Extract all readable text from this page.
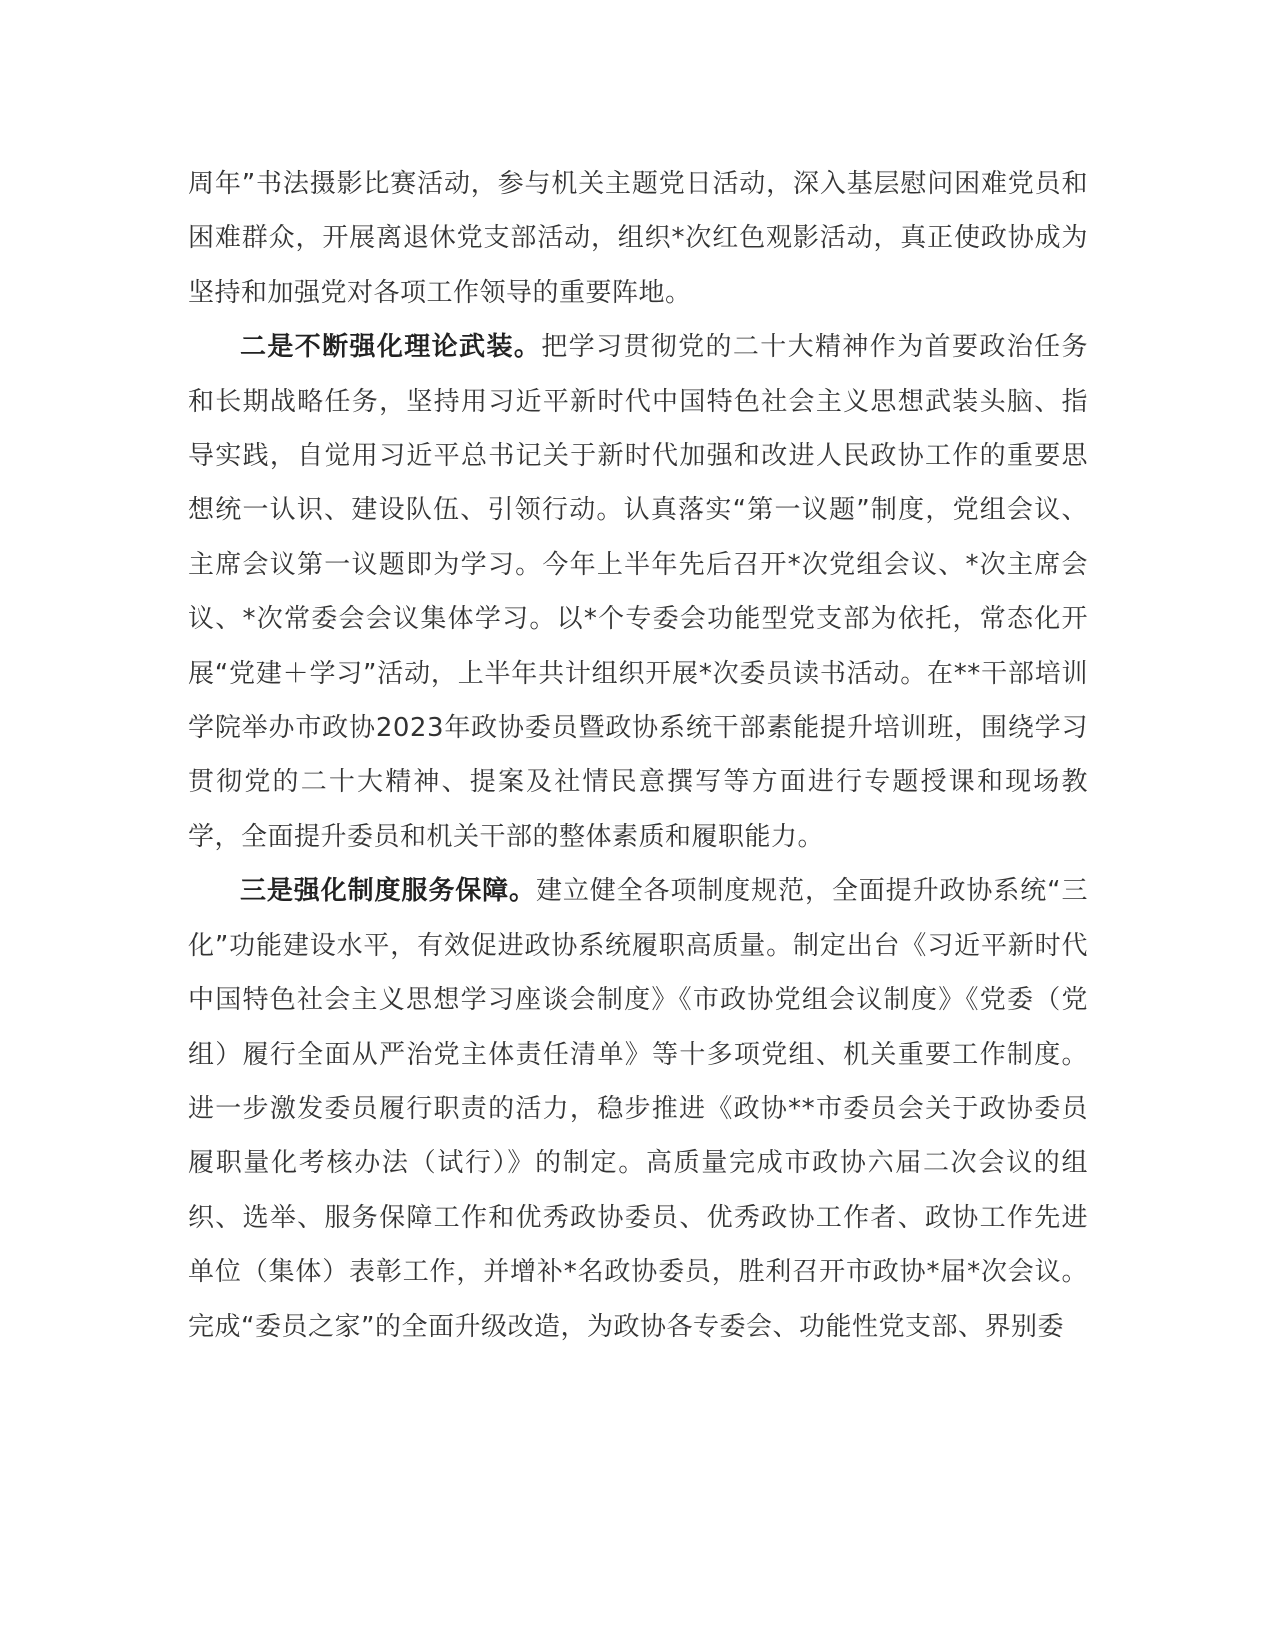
周年”书法摄影比赛活动，参与机关主题党日活动，深入基层慰问困难党员和困难群众，开展离退休党支部活动，组织*次红色观影活动，真正使政协成为坚持和加强党对各项工作领导的重要阵地。

二是不断强化理论武装。把学习贯彻党的二十大精神作为首要政治任务和长期战略任务，坚持用习近平新时代中国特色社会主义思想武装头脑、指导实践，自觉用习近平总书记关于新时代加强和改进人民政协工作的重要思想统一认识、建设队伍、引领行动。认真落实“第一议题”制度，党组会议、主席会议第一议题即为学习。今年上半年先后召开*次党组会议、*次主席会议、*次常委会会议集体学习。以*个专委会功能型党支部为依托，常态化开展“党建＋学习”活动，上半年共计组织开展*次委员读书活动。在**干部培训学院举办市政协2023年政协委员暨政协系统干部素能提升培训班，围绕学习贯彻党的二十大精神、提案及社情民意撰写等方面进行专题授课和现场教学，全面提升委员和机关干部的整体素质和履职能力。

三是强化制度服务保障。建立健全各项制度规范，全面提升政协系统“三化”功能建设水平，有效促进政协系统履职高质量。制定出台《习近平新时代中国特色社会主义思想学习座谈会制度》《市政协党组会议制度》《党委（党组）履行全面从严治党主体责任清单》等十多项党组、机关重要工作制度。进一步激发委员履行职责的活力，稳步推进《政协**市委员会关于政协委员履职量化考核办法（试行）》的制定。高质量完成市政协六届二次会议的组织、选举、服务保障工作和优秀政协委员、优秀政协工作者、政协工作先进单位（集体）表彰工作，并增补*名政协委员，胜利召开市政协*届*次会议。完成“委员之家”的全面升级改造，为政协各专委会、功能性党支部、界别委
